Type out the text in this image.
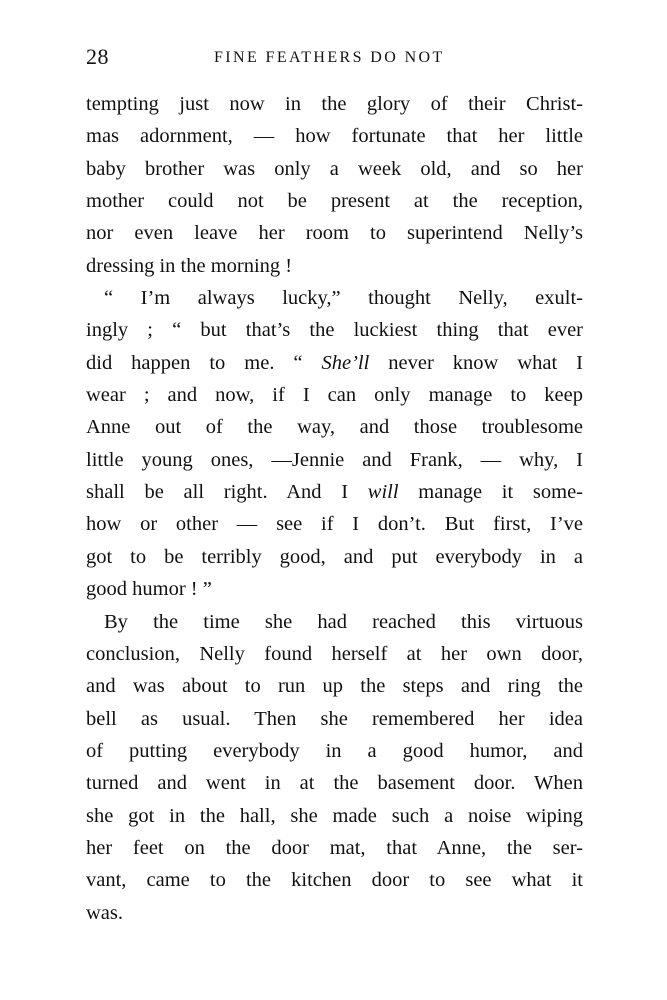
28	FINE FEATHERS DO NOT
tempting just now in the glory of their Christ-
mas adornment, — how fortunate that her little
baby brother was only a week old, and so her
mother could not be present at the reception,
nor even leave her room to superintend Nelly’s
dressing in the morning !
“ I’m always lucky,” thought Nelly, exult-
ingly ; “ but that’s the luckiest thing that ever
did happen to me. “ She’ll never know what I
wear ; and now, if I can only manage to keep
Anne out of the way, and those troublesome
little young ones, —Jennie and Frank, — why, I
shall be all right. And I will manage it some-
how or other — see if I don’t. But first, I’ve
got to be terribly good, and put everybody in a
good humor ! ”
By the time she had reached this virtuous
conclusion, Nelly found herself at her own door,
and was about to run up the steps and ring the
bell as usual. Then she remembered her idea
of putting everybody in a good humor, and
turned and went in at the basement door. When
she got in the hall, she made such a noise wiping
her feet on the door mat, that Anne, the ser-
vant, came to the kitchen door to see what it
was.
